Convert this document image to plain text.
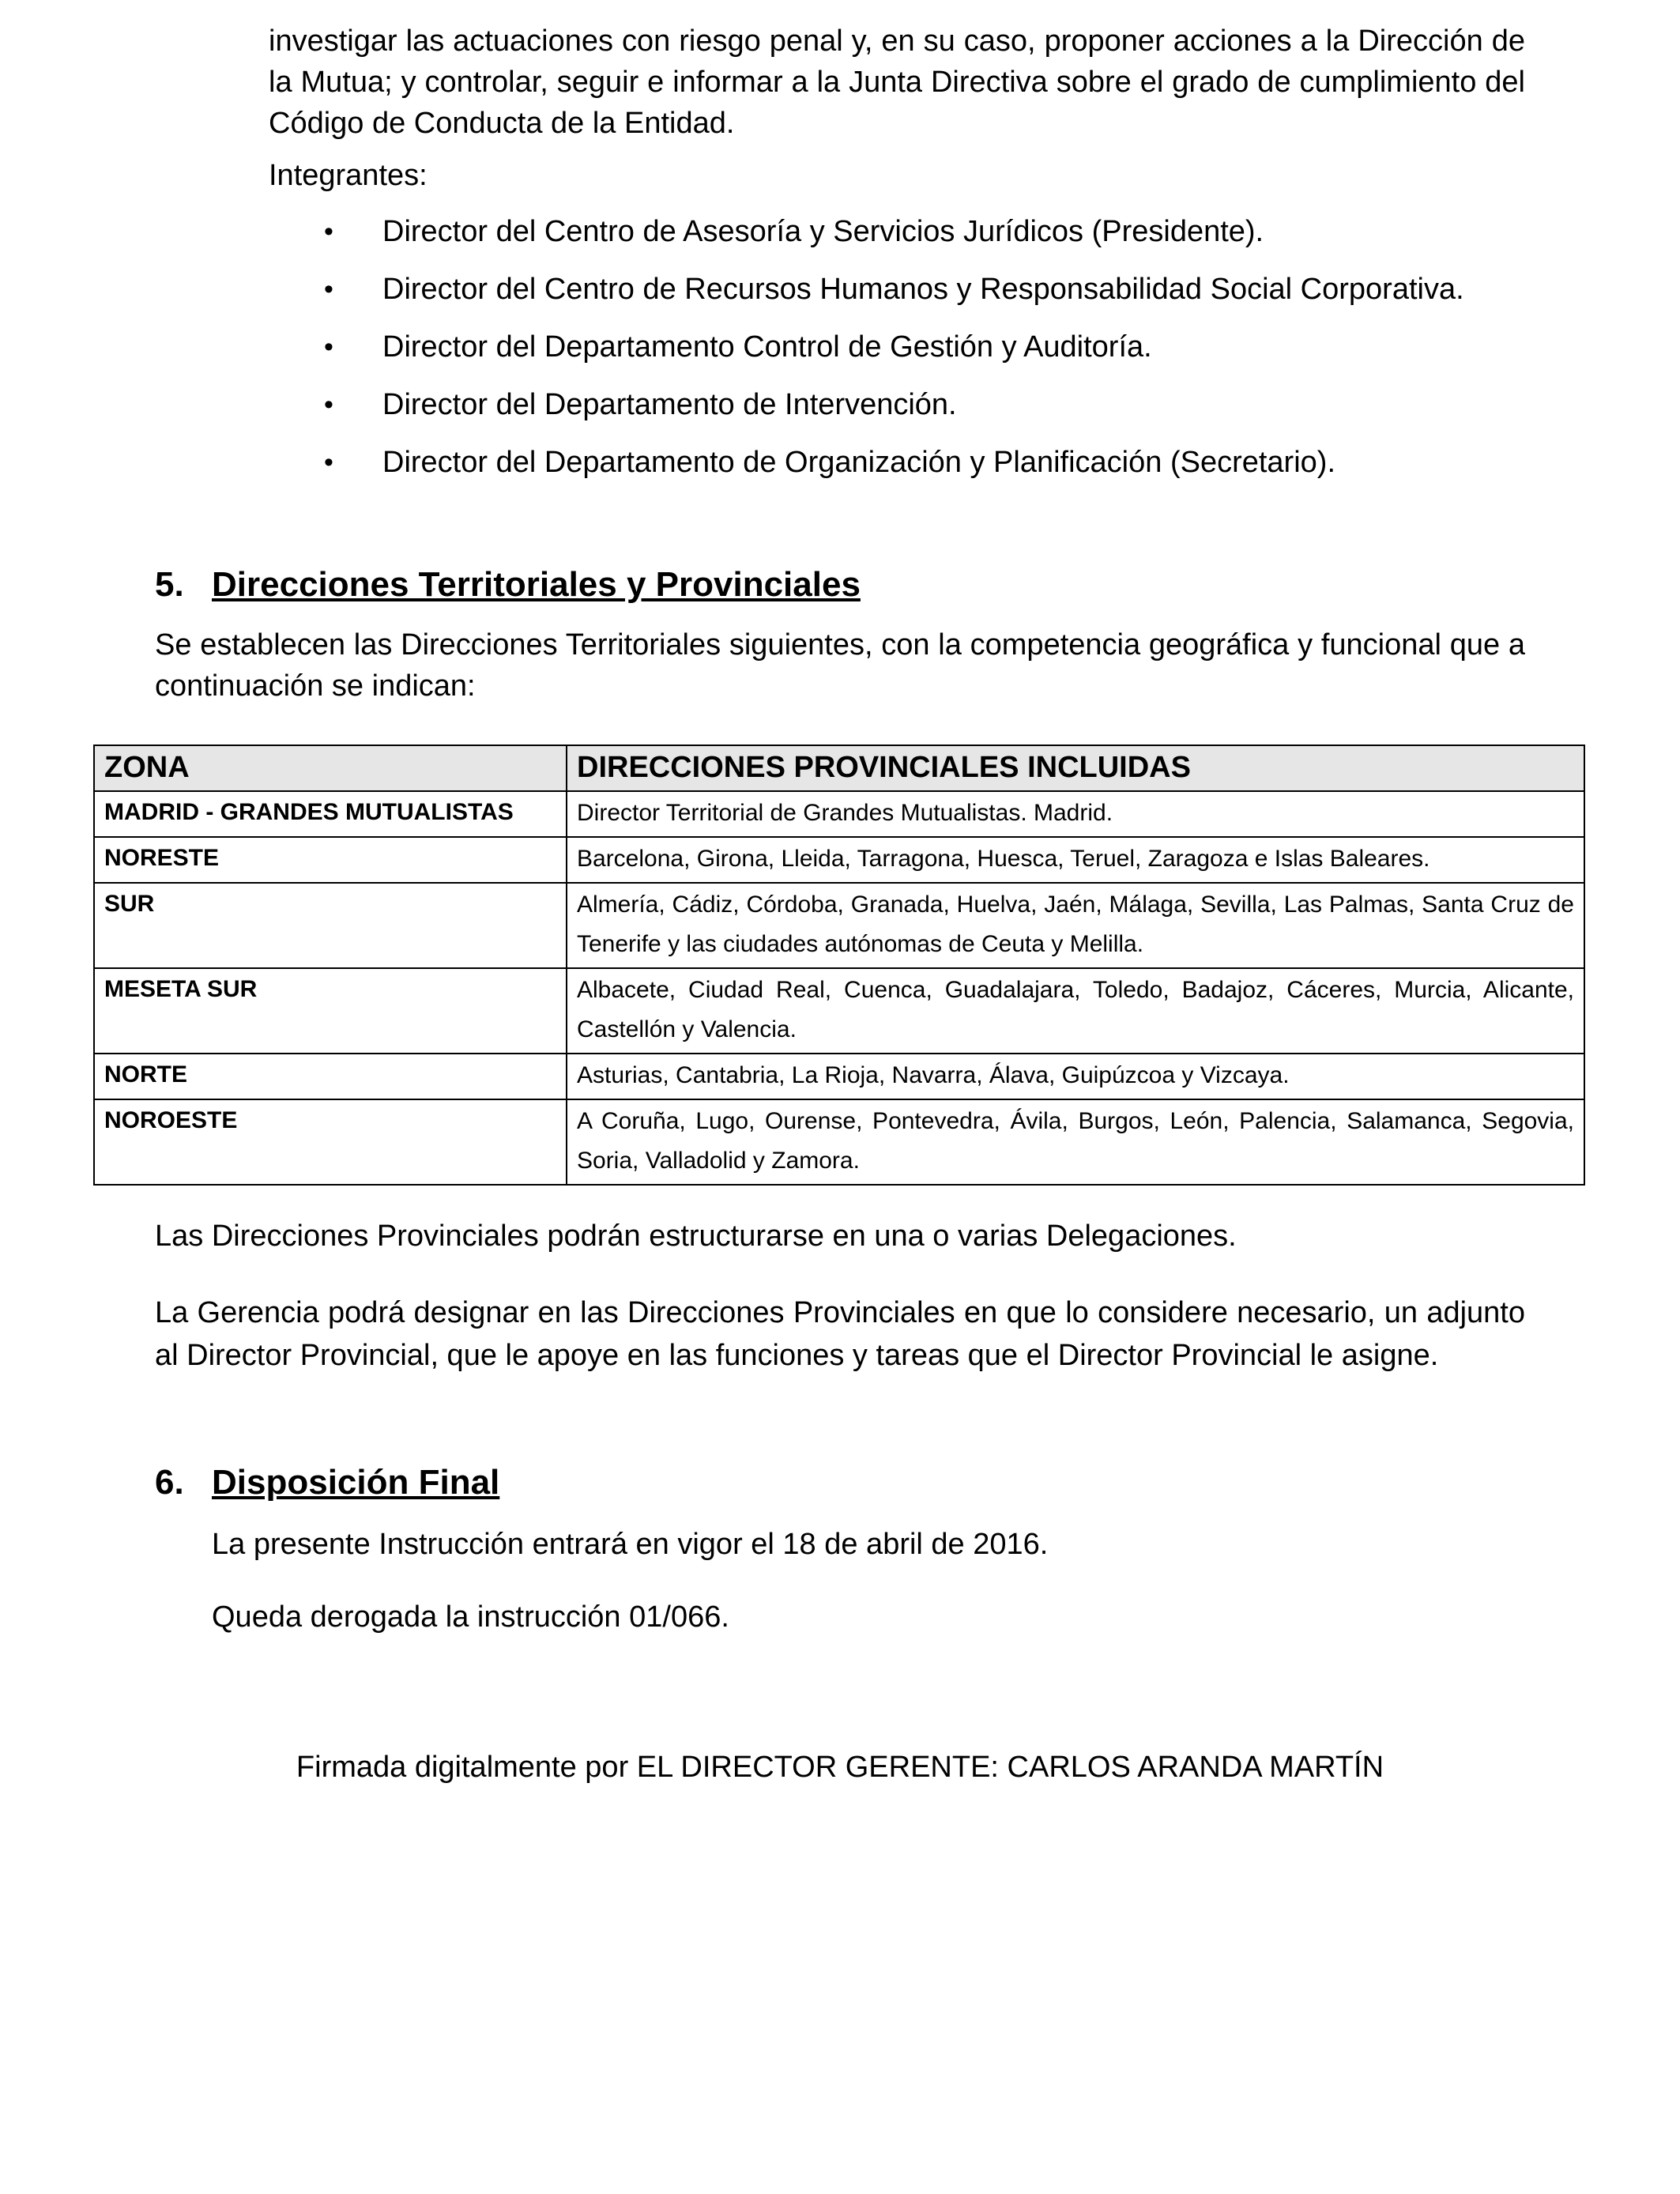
investigar las actuaciones con riesgo penal y, en su caso, proponer acciones a la Dirección de la Mutua; y controlar, seguir e informar a la Junta Directiva sobre el grado de cumplimiento del Código de Conducta de la Entidad.

Integrantes:

• Director del Centro de Asesoría y Servicios Jurídicos (Presidente).
• Director del Centro de Recursos Humanos y Responsabilidad Social Corporativa.
• Director del Departamento Control de Gestión y Auditoría.
• Director del Departamento de Intervención.
• Director del Departamento de Organización y Planificación (Secretario).
5. Direcciones Territoriales y Provinciales

Se establecen las Direcciones Territoriales siguientes, con la competencia geográfica y funcional que a continuación se indican:

ZONA	DIRECCIONES PROVINCIALES INCLUIDAS
MADRID - GRANDES MUTUALISTAS	Director Territorial de Grandes Mutualistas. Madrid.
NORESTE	Barcelona, Girona, Lleida, Tarragona, Huesca, Teruel, Zaragoza e Islas Baleares.
SUR	Almería, Cádiz, Córdoba, Granada, Huelva, Jaén, Málaga, Sevilla, Las Palmas, Santa Cruz de Tenerife y las ciudades autónomas de Ceuta y Melilla.
MESETA SUR	Albacete, Ciudad Real, Cuenca, Guadalajara, Toledo, Badajoz, Cáceres, Murcia, Alicante, Castellón y Valencia.
NORTE	Asturias, Cantabria, La Rioja, Navarra, Álava, Guipúzcoa y Vizcaya.
NOROESTE	A Coruña, Lugo, Ourense, Pontevedra, Ávila, Burgos, León, Palencia, Salamanca, Segovia, Soria, Valladolid y Zamora.

Las Direcciones Provinciales podrán estructurarse en una o varias Delegaciones.

La Gerencia podrá designar en las Direcciones Provinciales en que lo considere necesario, un adjunto al Director Provincial, que le apoye en las funciones y tareas que el Director Provincial le asigne.

6. Disposición Final

La presente Instrucción entrará en vigor el 18 de abril de 2016.

Queda derogada la instrucción 01/066.

Firmada digitalmente por EL DIRECTOR GERENTE: CARLOS ARANDA MARTÍN
